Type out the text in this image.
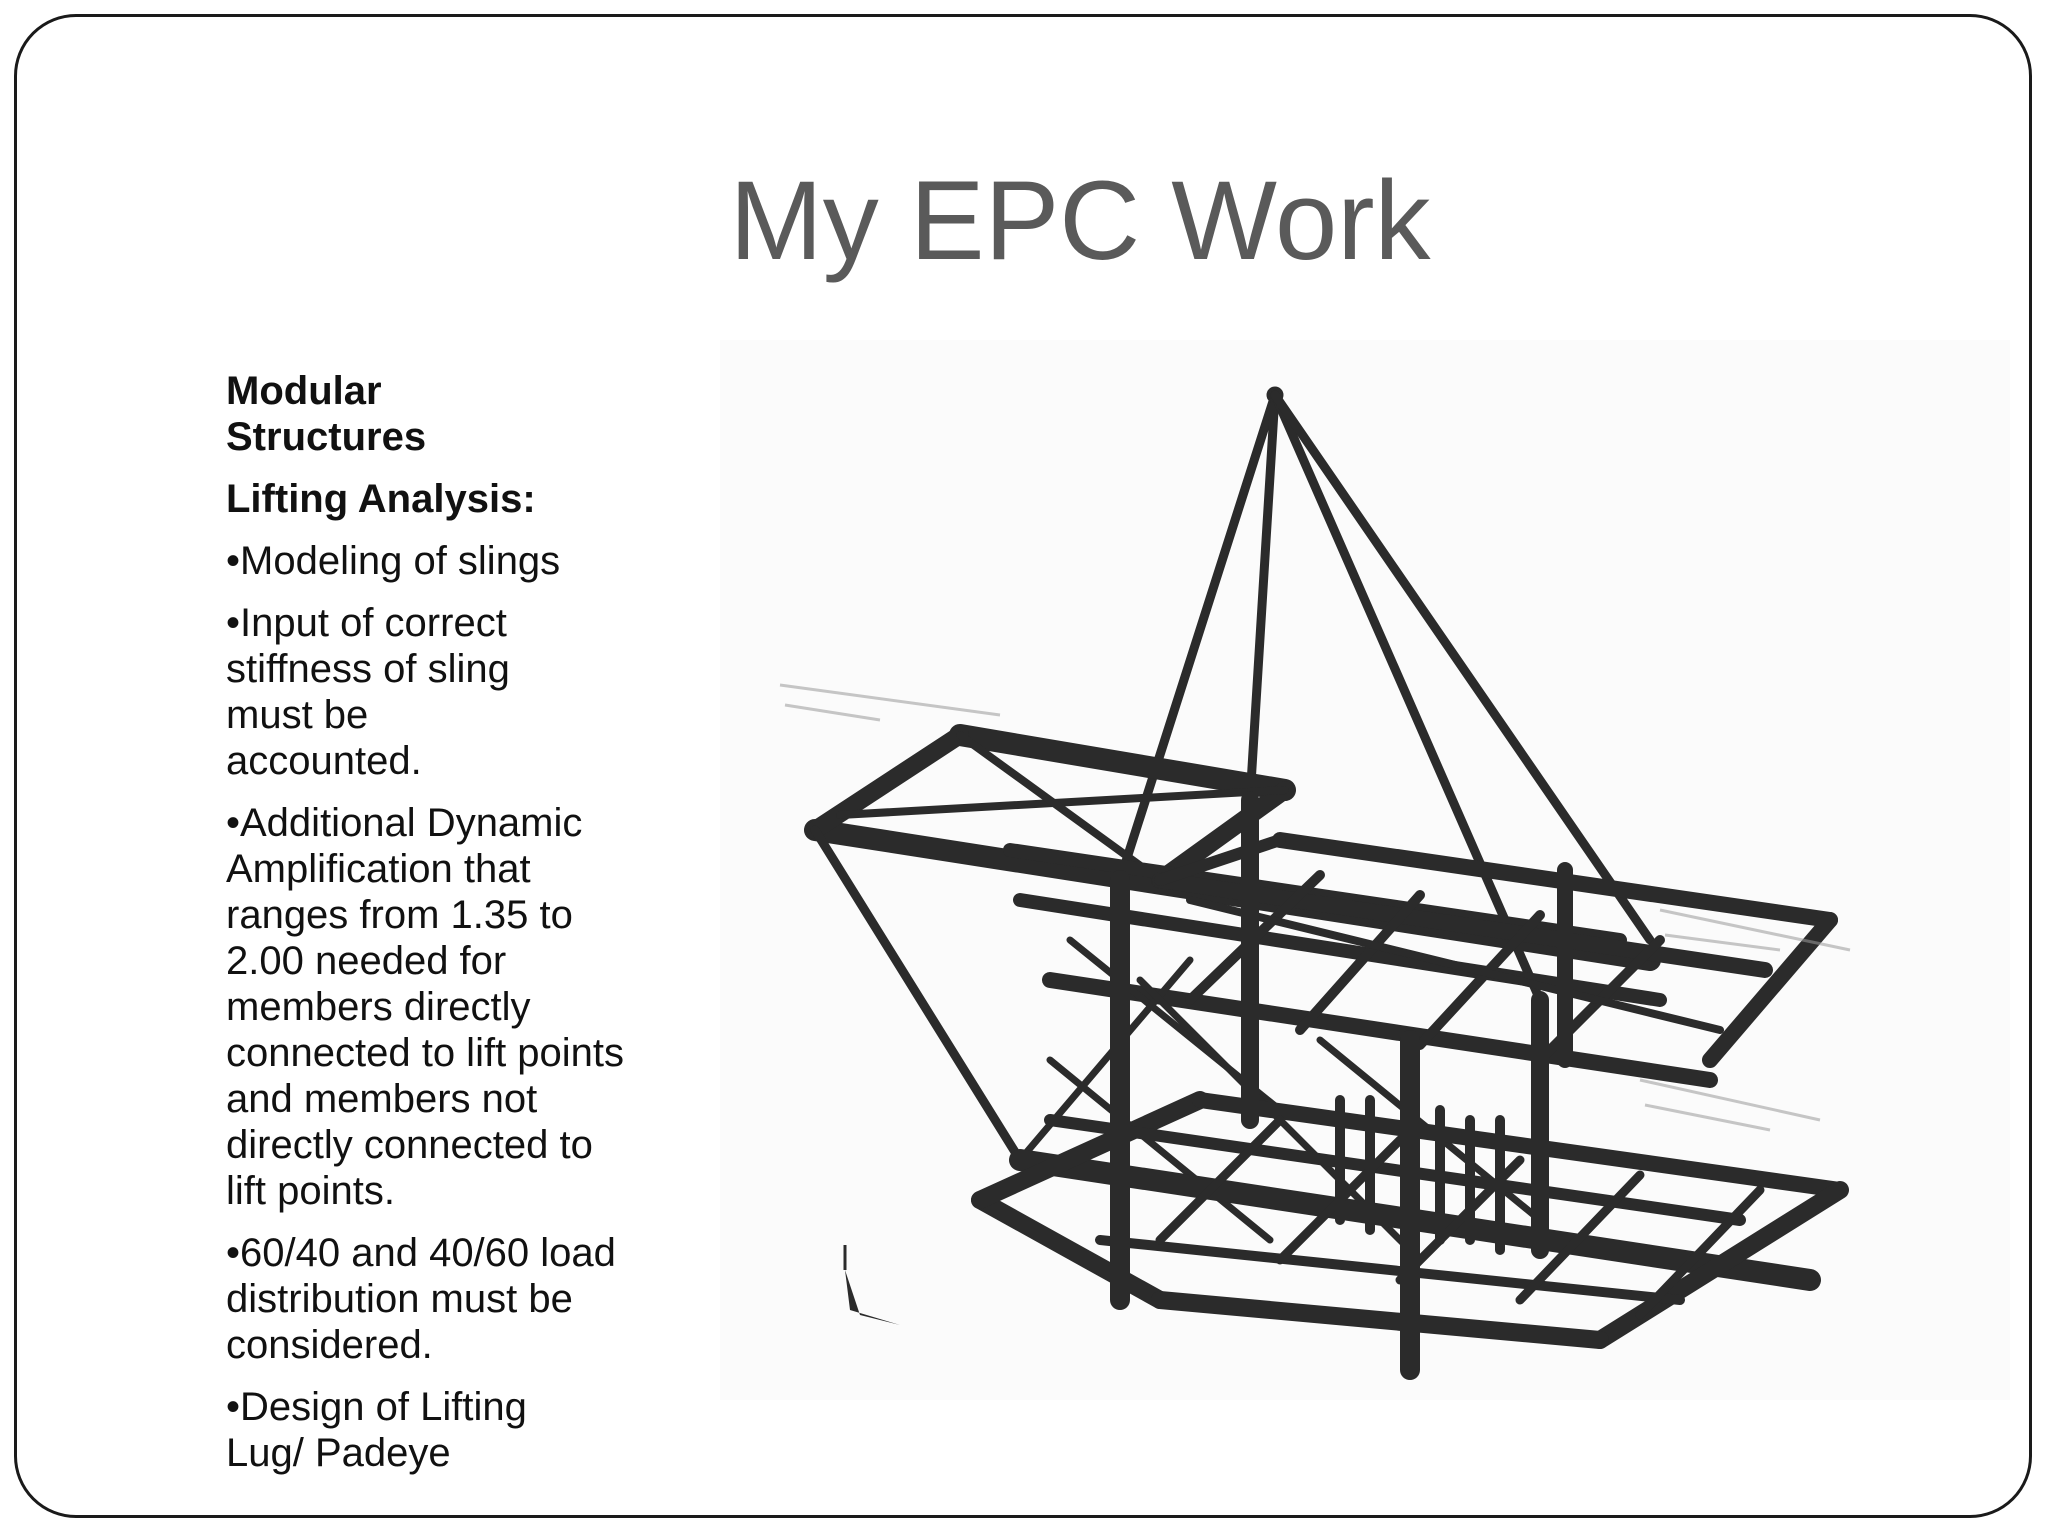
My EPC Work

Modular Structures

Lifting Analysis:

•Modeling of slings

•Input of correct stiffness of sling must be accounted.

•Additional Dynamic Amplification that ranges from 1.35 to 2.00 needed for members directly connected to lift points and members not directly connected to lift points.

•60/40 and 40/60 load distribution must be considered.

•Design of Lifting Lug/ Padeye
